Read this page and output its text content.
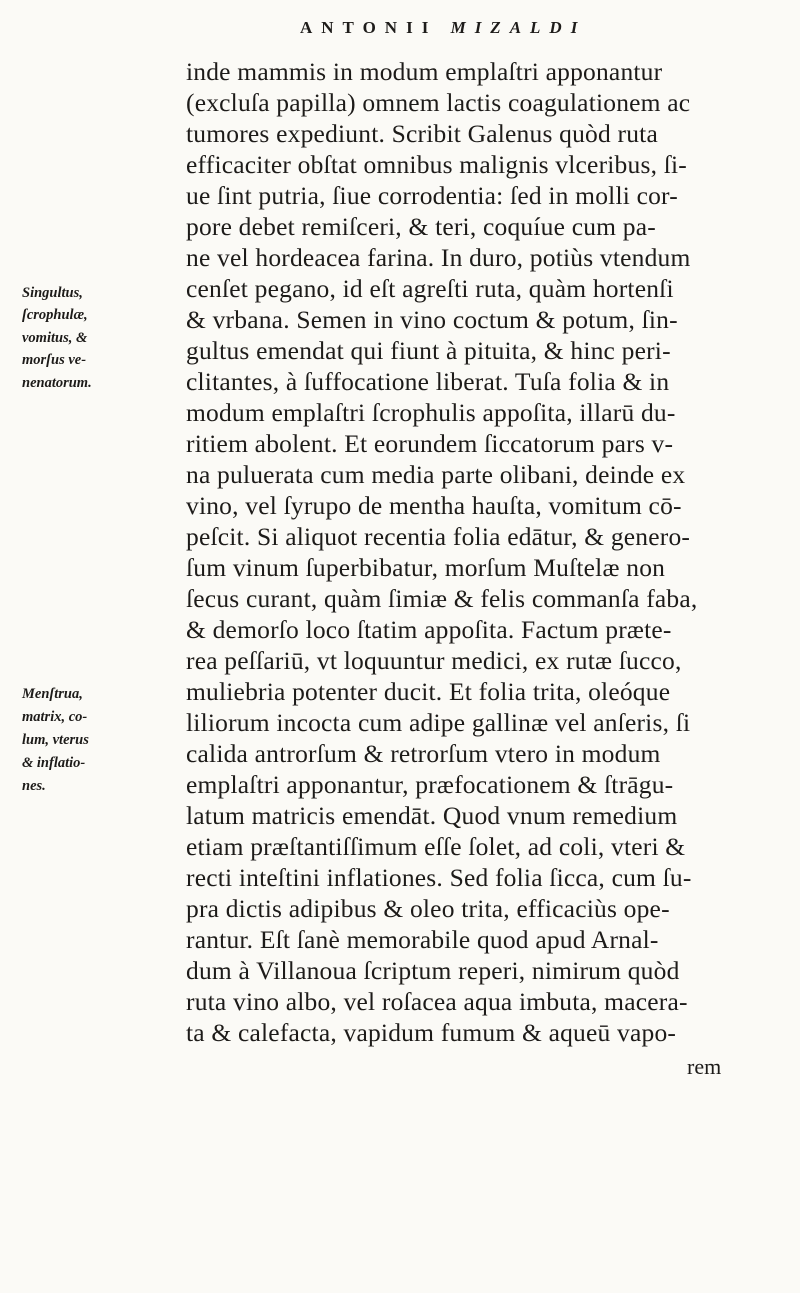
ANTONII MIZALDI
inde mammis in modum emplaſtri apponantur
(excluſa papilla) omnem lactis coagulationem ac
tumores expediunt. Scribit Galenus quòd ruta
efficaciter obſtat omnibus malignis vlceribus, ſi-
ue ſint putria, ſiue corrodentia: ſed in molli cor-
pore debet remiſceri, & teri, coquíue cum pa-
ne vel hordeacea farina. In duro, potiùs vtendum
cenſet pegano, id eſt agreſti ruta, quàm hortenſi
& vrbana. Semen in vino coctum & potum, ſin-
gultus emendat qui fiunt à pituita, & hinc peri-
clitantes, à ſuffocatione liberat. Tuſa folia & in
modum emplaſtri ſcrophulis appoſita, illarū du-
ritiem abolent. Et eorundem ſiccatorum pars v-
na puluerata cum media parte olibani, deinde ex
vino, vel ſyrupo de mentha hauſta, vomitum cō-
peſcit. Si aliquot recentia folia edātur, & genero-
ſum vinum ſuperbibatur, morſum Muſtelæ non
ſecus curant, quàm ſimiæ & felis commanſa faba,
& demorſo loco ſtatim appoſita. Factum præte-
rea peſſariū, vt loquuntur medici, ex rutæ ſucco,
muliebria potenter ducit. Et folia trita, oleóque
liliorum incocta cum adipe gallinæ vel anſeris, ſi
calida antrorſum & retrorſum vtero in modum
emplaſtri apponantur, præfocationem & ſtrāgu-
latum matricis emendāt. Quod vnum remedium
etiam præſtantiſſimum eſſe ſolet, ad coli, vteri &
recti inteſtini inflationes. Sed folia ſicca, cum ſu-
pra dictis adipibus & oleo trita, efficaciùs ope-
rantur. Eſt ſanè memorabile quod apud Arnal-
dum à Villanoua ſcriptum reperi, nimirum quòd
ruta vino albo, vel roſacea aqua imbuta, macera-
ta & calefacta, vapidum fumum & aqueū vapo-
rem
Singultus,
ſcrophulæ,
vomitus, &
morſus ve-
nenatorum.
Menſtrua,
matrix, co-
lum, vterus
& inflatio-
nes.
